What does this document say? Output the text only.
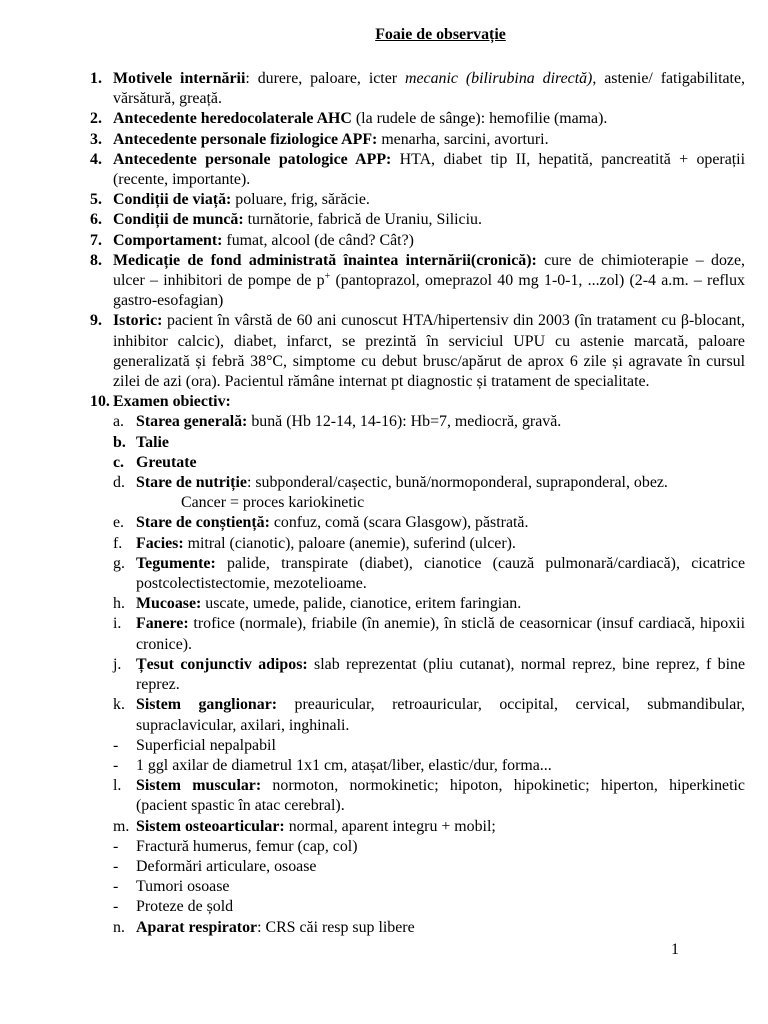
Foaie de observație
1. Motivele internării: durere, paloare, icter mecanic (bilirubina directă), astenie/ fatigabilitate, vărsătură, greață.
2. Antecedente heredocolaterale AHC (la rudele de sânge): hemofilie (mama).
3. Antecedente personale fiziologice APF: menarha, sarcini, avorturi.
4. Antecedente personale patologice APP: HTA, diabet tip II, hepatită, pancreatită + operații (recente, importante).
5. Condiții de viață: poluare, frig, sărăcie.
6. Condiții de muncă: turnătorie, fabrică de Uraniu, Siliciu.
7. Comportament: fumat, alcool (de când? Cât?)
8. Medicație de fond administrată înaintea internării(cronică): cure de chimioterapie – doze, ulcer – inhibitori de pompe de p+ (pantoprazol, omeprazol 40 mg 1-0-1, ...zol) (2-4 a.m. – reflux gastro-esofagian)
9. Istoric: pacient în vârstă de 60 ani cunoscut HTA/hipertensiv din 2003 (în tratament cu β-blocant, inhibitor calcic), diabet, infarct, se prezintă în serviciul UPU cu astenie marcată, paloare generalizată și febră 38°C, simptome cu debut brusc/apărut de aprox 6 zile și agravate în cursul zilei de azi (ora). Pacientul rămâne internat pt diagnostic și tratament de specialitate.
10. Examen obiectiv:
a. Starea generală: bună (Hb 12-14, 14-16): Hb=7, mediocră, gravă.
b. Talie
c. Greutate
d. Stare de nutriție: subponderal/cașectic, bună/normoponderal, supraponderal, obez.
Cancer = proces kariokinetic
e. Stare de conștiență: confuz, comă (scara Glasgow), păstrată.
f. Facies: mitral (cianotic), paloare (anemie), suferind (ulcer).
g. Tegumente: palide, transpirate (diabet), cianotice (cauză pulmonară/cardiacă), cicatrice postcolectistectomie, mezotelioame.
h. Mucoase: uscate, umede, palide, cianotice, eritem faringian.
i. Fanere: trofice (normale), friabile (în anemie), în sticlă de ceasornicar (insuf cardiacă, hipoxii cronice).
j. Țesut conjunctiv adipos: slab reprezentat (pliu cutanat), normal reprez, bine reprez, f bine reprez.
k. Sistem ganglionar: preauricular, retroauricular, occipital, cervical, submandibular, supraclavicular, axilari, inghinali.
-	Superficial nepalpabil
-	1 ggl axilar de diametrul 1x1 cm, atașat/liber, elastic/dur, forma...
l. Sistem muscular: normoton, normokinetic; hipoton, hipokinetic; hiperton, hiperkinetic (pacient spastic în atac cerebral).
m. Sistem osteoarticular: normal, aparent integru + mobil;
-	Fractură humerus, femur (cap, col)
-	Deformări articulare, osoase
-	Tumori osoase
-	Proteze de șold
n. Aparat respirator: CRS căi resp sup libere
1
